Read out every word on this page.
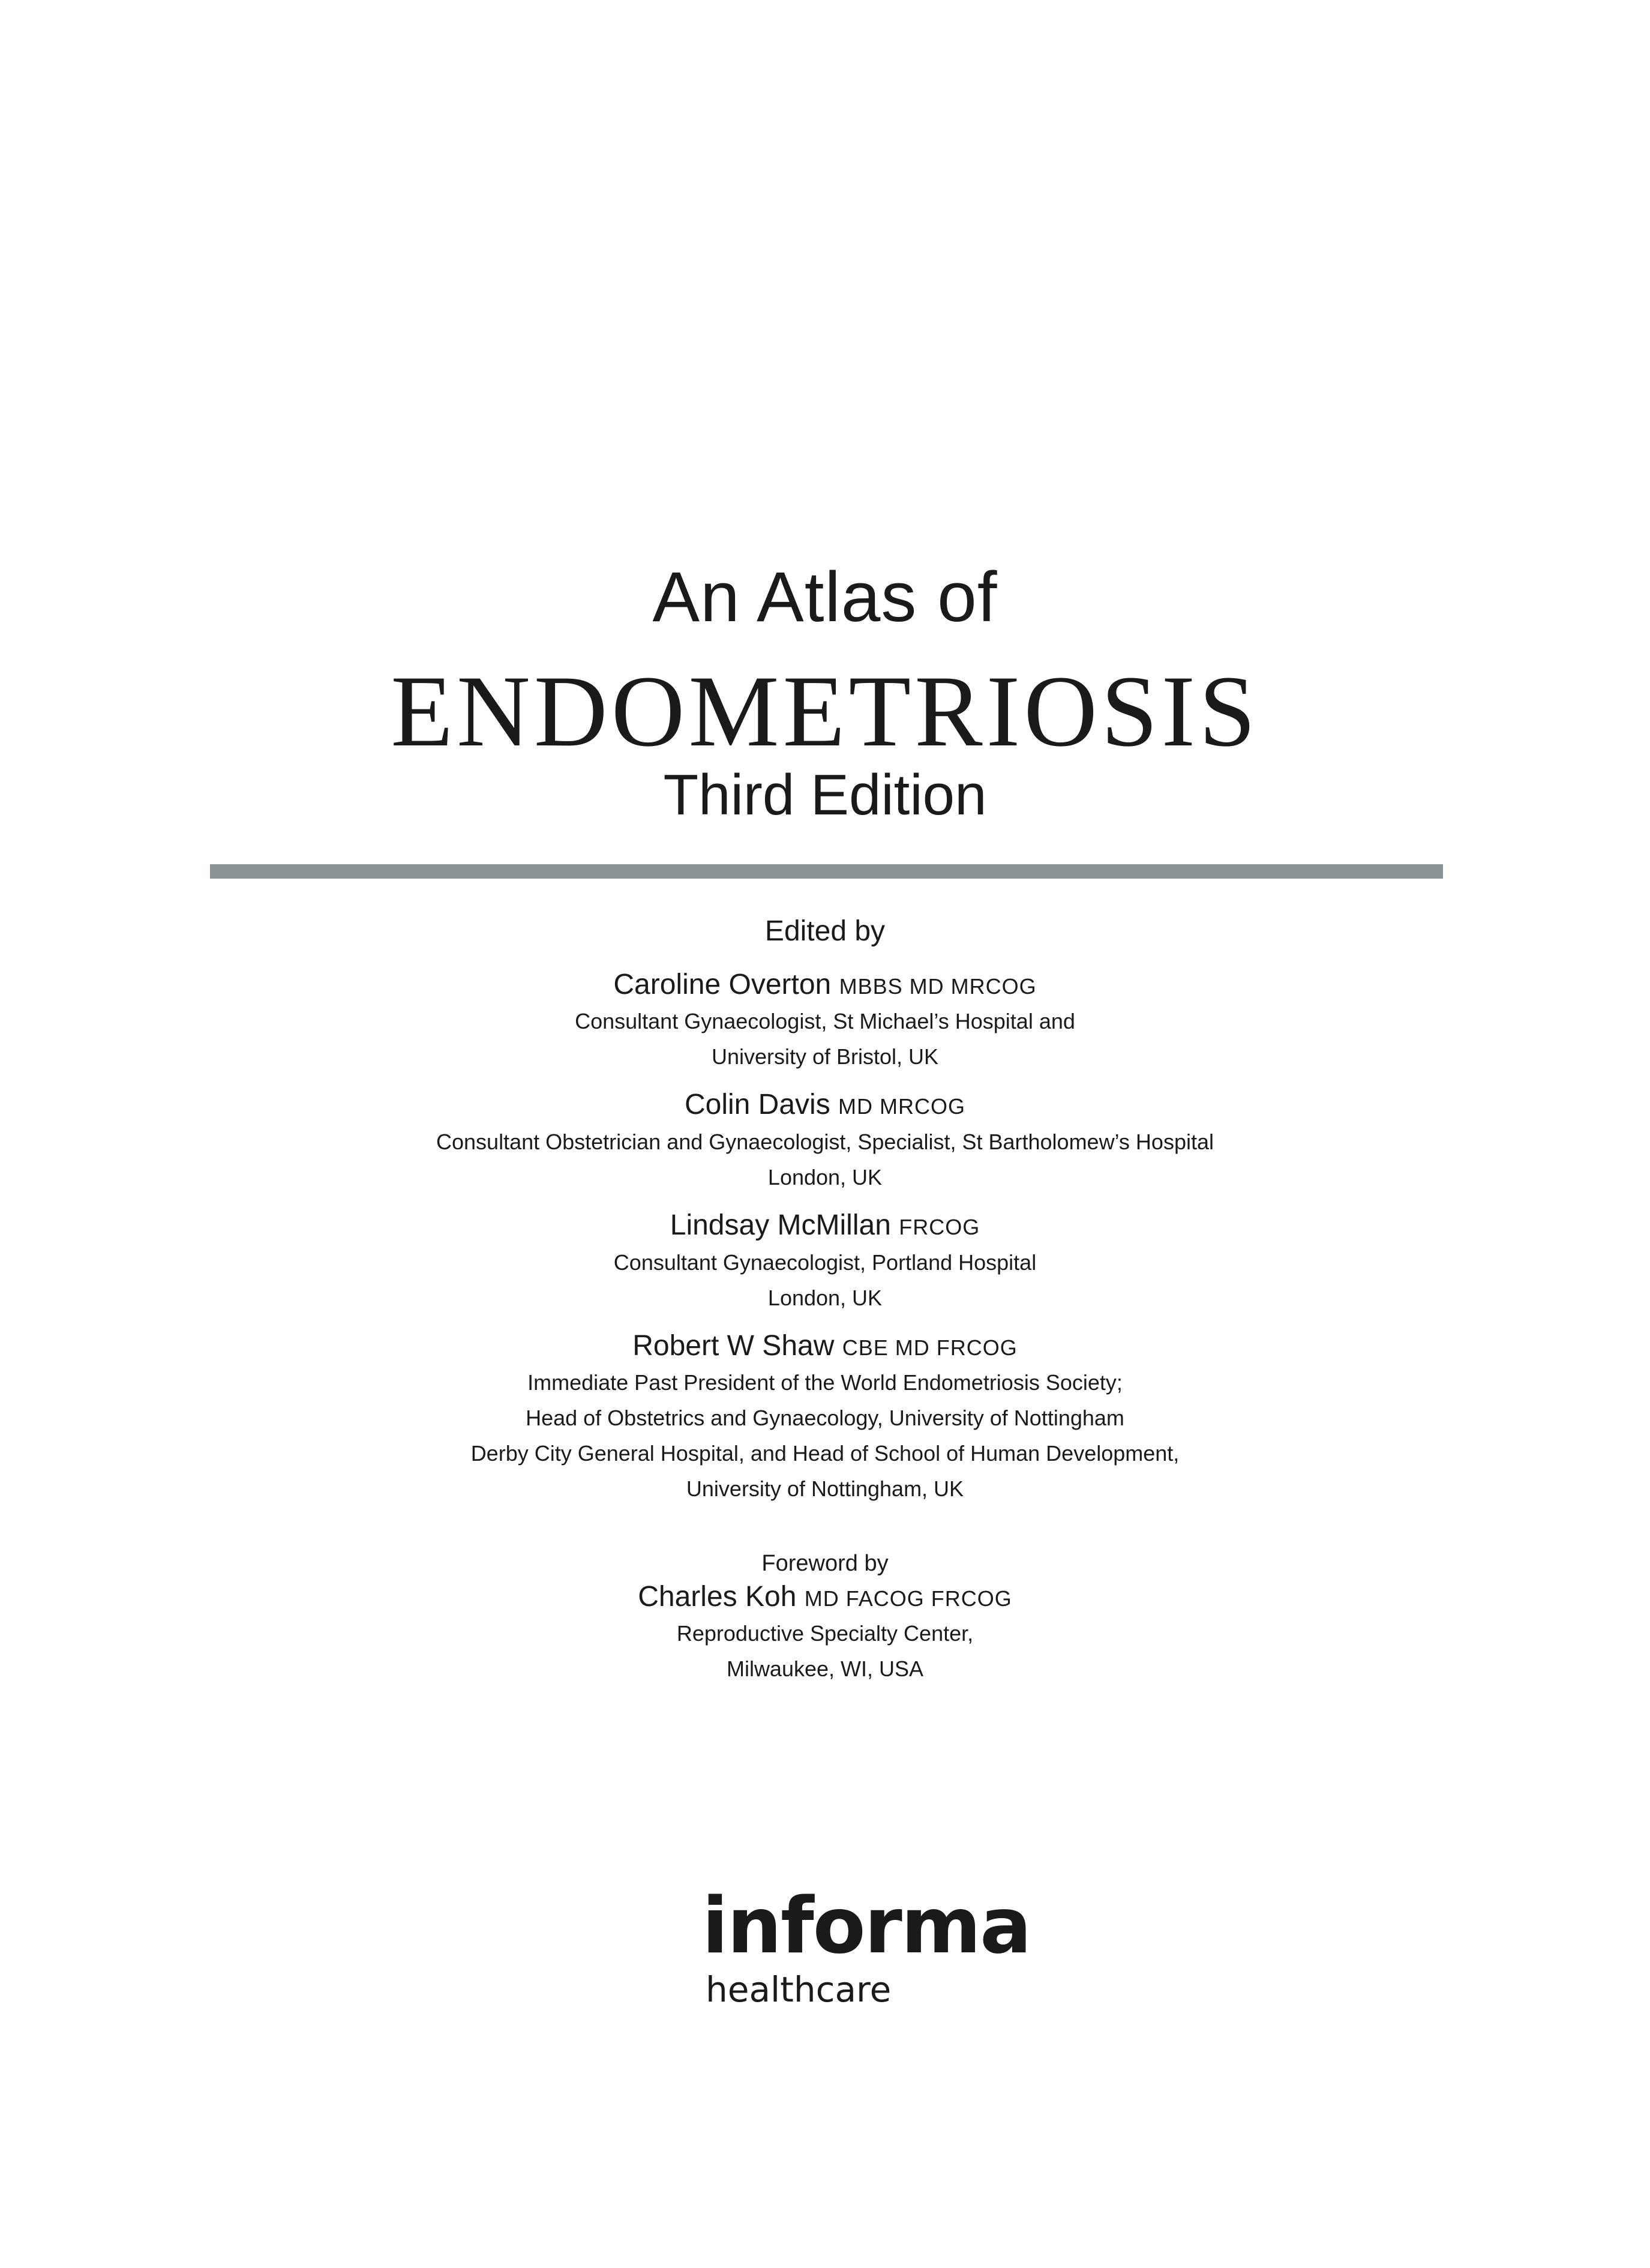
An Atlas of
ENDOMETRIOSIS
Third Edition
Edited by
Caroline Overton MBBS MD MRCOG
Consultant Gynaecologist, St Michael’s Hospital and
University of Bristol, UK
Colin Davis MD MRCOG
Consultant Obstetrician and Gynaecologist, Specialist, St Bartholomew’s Hospital
London, UK
Lindsay McMillan FRCOG
Consultant Gynaecologist, Portland Hospital
London, UK
Robert W Shaw CBE MD FRCOG
Immediate Past President of the World Endometriosis Society;
Head of Obstetrics and Gynaecology, University of Nottingham
Derby City General Hospital, and Head of School of Human Development,
University of Nottingham, UK
Foreword by
Charles Koh MD FACOG FRCOG
Reproductive Specialty Center,
Milwaukee, WI, USA
informa
healthcare
